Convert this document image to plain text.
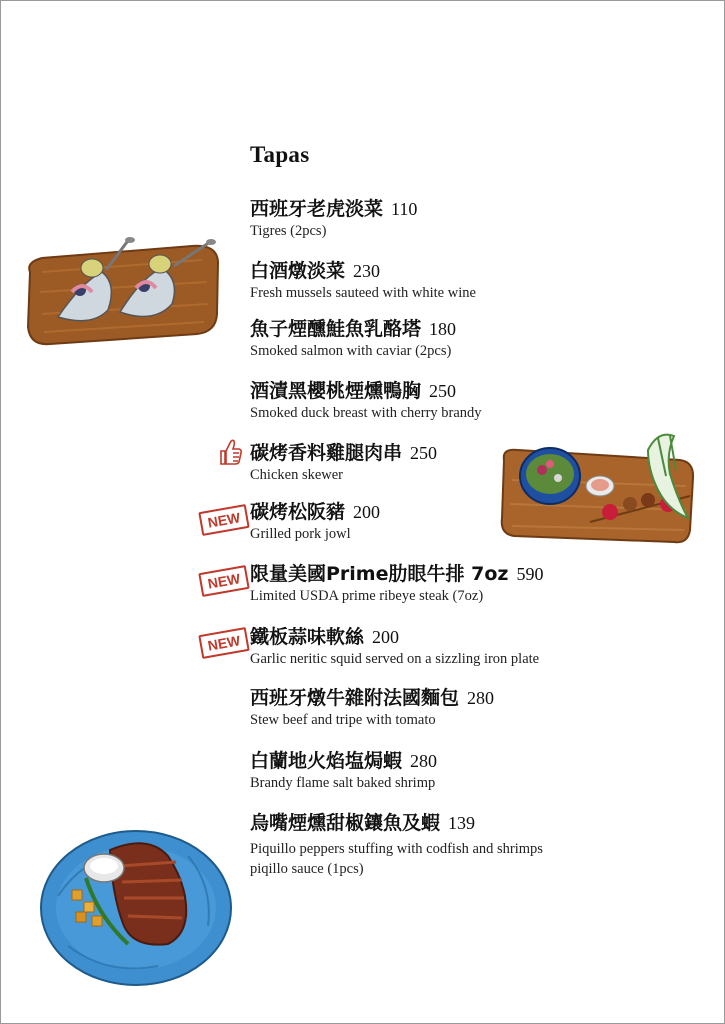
Tapas
NEW
NEW
NEW
西班牙老虎淡菜 110
Tigres (2pcs)
白酒燉淡菜 230
Fresh mussels sauteed with white wine
魚子煙醺鮭魚乳酪塔 180
Smoked salmon with caviar (2pcs)
酒漬黑櫻桃煙燻鴨胸 250
Smoked duck breast with cherry brandy
碳烤香料雞腿肉串 250
Chicken skewer
碳烤松阪豬 200
Grilled pork jowl
限量美國Prime肋眼牛排 7oz 590
Limited USDA prime ribeye steak (7oz)
鐵板蒜味軟絲 200
Garlic neritic squid served on a sizzling iron plate
西班牙燉牛雜附法國麵包 280
Stew beef and tripe with tomato
白蘭地火焰塩焗蝦 280
Brandy flame salt baked shrimp
烏嘴煙燻甜椒鑲魚及蝦 139
Piquillo peppers stuffing with codfish and shrimps
piqillo sauce (1pcs)
